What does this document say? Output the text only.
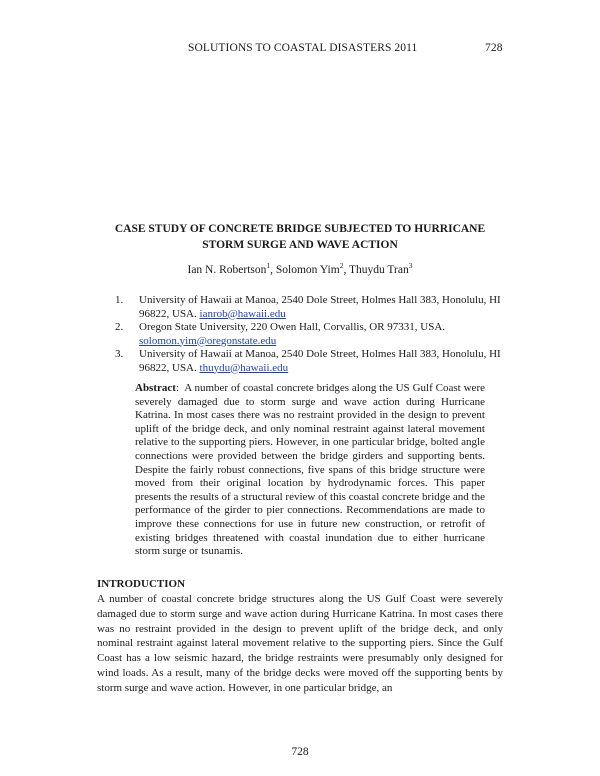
SOLUTIONS TO COASTAL DISASTERS 2011	728
CASE STUDY OF CONCRETE BRIDGE SUBJECTED TO HURRICANE
STORM SURGE AND WAVE ACTION
Ian N. Robertson$^1$, Solomon Yim$^2$, Thuydu Tran$^3$
1. University of Hawaii at Manoa, 2540 Dole Street, Holmes Hall 383, Honolulu, HI 96822, USA. ianrob@hawaii.edu
2. Oregon State University, 220 Owen Hall, Corvallis, OR 97331, USA.
solomon.yim@oregonstate.edu
3. University of Hawaii at Manoa, 2540 Dole Street, Holmes Hall 383, Honolulu, HI 96822, USA. thuydu@hawaii.edu

Abstract:  A number of coastal concrete bridges along the US Gulf Coast were severely damaged due to storm surge and wave action during Hurricane Katrina. In most cases there was no restraint provided in the design to prevent uplift of the bridge deck, and only nominal restraint against lateral movement relative to the supporting piers. However, in one particular bridge, bolted angle connections were provided between the bridge girders and supporting bents. Despite the fairly robust connections, five spans of this bridge structure were moved from their original location by hydrodynamic forces. This paper presents the results of a structural review of this coastal concrete bridge and the performance of the girder to pier connections. Recommendations are made to improve these connections for use in future new construction, or retrofit of existing bridges threatened with coastal inundation due to either hurricane storm surge or tsunamis.

INTRODUCTION

A number of coastal concrete bridge structures along the US Gulf Coast were severely damaged due to storm surge and wave action during Hurricane Katrina. In most cases there was no restraint provided in the design to prevent uplift of the bridge deck, and only nominal restraint against lateral movement relative to the supporting piers. Since the Gulf Coast has a low seismic hazard, the bridge restraints were presumably only designed for wind loads. As a result, many of the bridge decks were moved off the supporting bents by storm surge and wave action. However, in one particular bridge, an

728
